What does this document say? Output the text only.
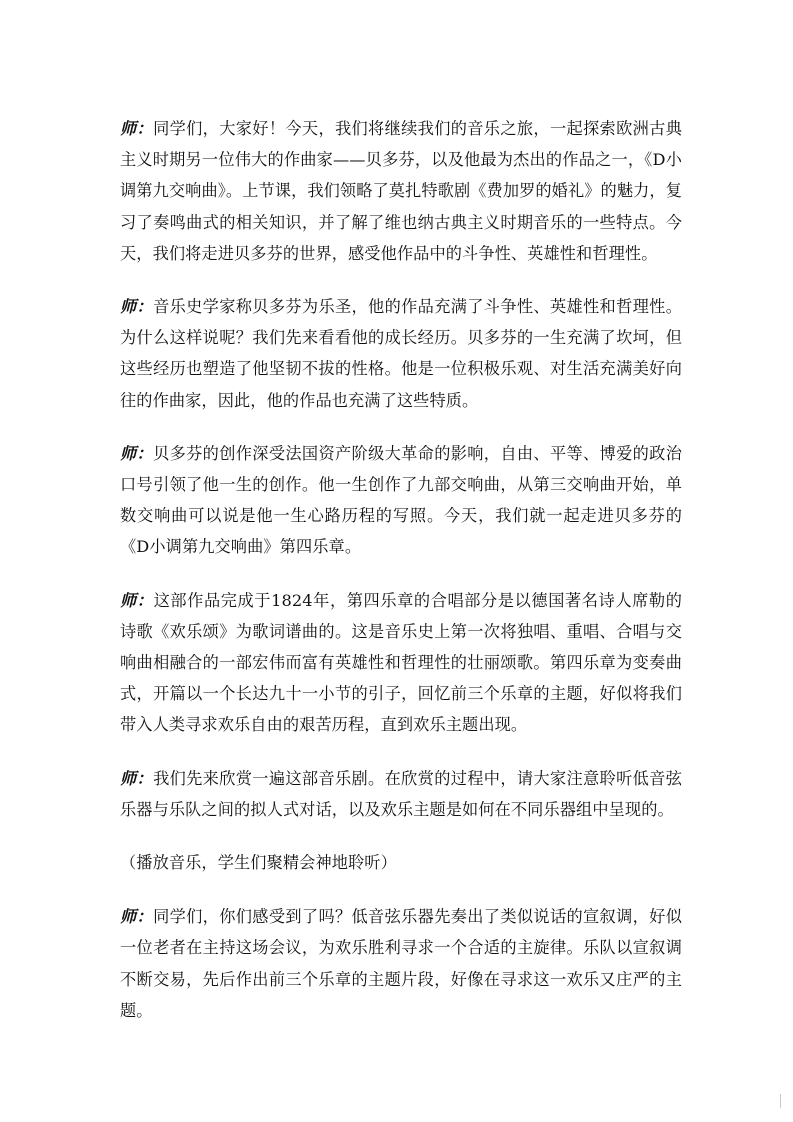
师：同学们，大家好！今天，我们将继续我们的音乐之旅，一起探索欧洲古典主义时期另一位伟大的作曲家——贝多芬，以及他最为杰出的作品之一，《D小调第九交响曲》。上节课，我们领略了莫扎特歌剧《费加罗的婚礼》的魅力，复习了奏鸣曲式的相关知识，并了解了维也纳古典主义时期音乐的一些特点。今天，我们将走进贝多芬的世界，感受他作品中的斗争性、英雄性和哲理性。

师：音乐史学家称贝多芬为乐圣，他的作品充满了斗争性、英雄性和哲理性。为什么这样说呢？我们先来看看他的成长经历。贝多芬的一生充满了坎坷，但这些经历也塑造了他坚韧不拔的性格。他是一位积极乐观、对生活充满美好向往的作曲家，因此，他的作品也充满了这些特质。

师：贝多芬的创作深受法国资产阶级大革命的影响，自由、平等、博爱的政治口号引领了他一生的创作。他一生创作了九部交响曲，从第三交响曲开始，单数交响曲可以说是他一生心路历程的写照。今天，我们就一起走进贝多芬的《D小调第九交响曲》第四乐章。

师：这部作品完成于1824年，第四乐章的合唱部分是以德国著名诗人席勒的诗歌《欢乐颂》为歌词谱曲的。这是音乐史上第一次将独唱、重唱、合唱与交响曲相融合的一部宏伟而富有英雄性和哲理性的壮丽颂歌。第四乐章为变奏曲式，开篇以一个长达九十一小节的引子，回忆前三个乐章的主题，好似将我们带入人类寻求欢乐自由的艰苦历程，直到欢乐主题出现。

师：我们先来欣赏一遍这部音乐剧。在欣赏的过程中，请大家注意聆听低音弦乐器与乐队之间的拟人式对话，以及欢乐主题是如何在不同乐器组中呈现的。

（播放音乐，学生们聚精会神地聆听）

师：同学们，你们感受到了吗？低音弦乐器先奏出了类似说话的宣叙调，好似一位老者在主持这场会议，为欢乐胜利寻求一个合适的主旋律。乐队以宣叙调不断交易，先后作出前三个乐章的主题片段，好像在寻求这一欢乐又庄严的主题。
